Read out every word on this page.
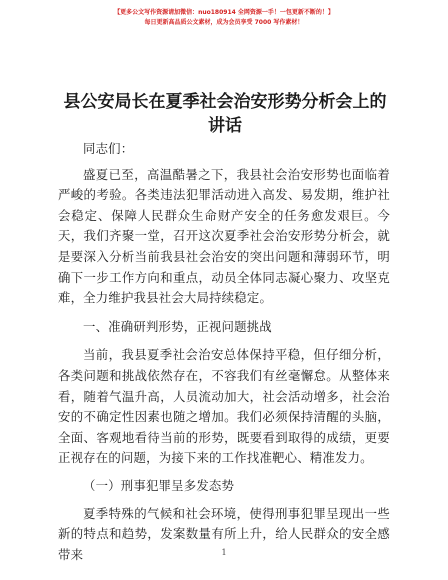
【更多公文写作资源请加微信：nuo180914 全网资源一手！一包更新不断的！】
每日更新高品质公文素材，成为会员享受 7000 写作素材！
县公安局长在夏季社会治安形势分析会上的讲话

同志们：

盛夏已至，高温酷暑之下，我县社会治安形势也面临着严峻的考验。各类违法犯罪活动进入高发、易发期，维护社会稳定、保障人民群众生命财产安全的任务愈发艰巨。今天，我们齐聚一堂，召开这次夏季社会治安形势分析会，就是要深入分析当前我县社会治安的突出问题和薄弱环节，明确下一步工作方向和重点，动员全体同志凝心聚力、攻坚克难，全力维护我县社会大局持续稳定。

一、准确研判形势，正视问题挑战

当前，我县夏季社会治安总体保持平稳，但仔细分析，各类问题和挑战依然存在，不容我们有丝毫懈怠。从整体来看，随着气温升高，人员流动加大，社会活动增多，社会治安的不确定性因素也随之增加。我们必须保持清醒的头脑，全面、客观地看待当前的形势，既要看到取得的成绩，更要正视存在的问题，为接下来的工作找准靶心、精准发力。

（一）刑事犯罪呈多发态势

夏季特殊的气候和社会环境，使得刑事犯罪呈现出一些新的特点和趋势，发案数量有所上升，给人民群众的安全感带来	1
